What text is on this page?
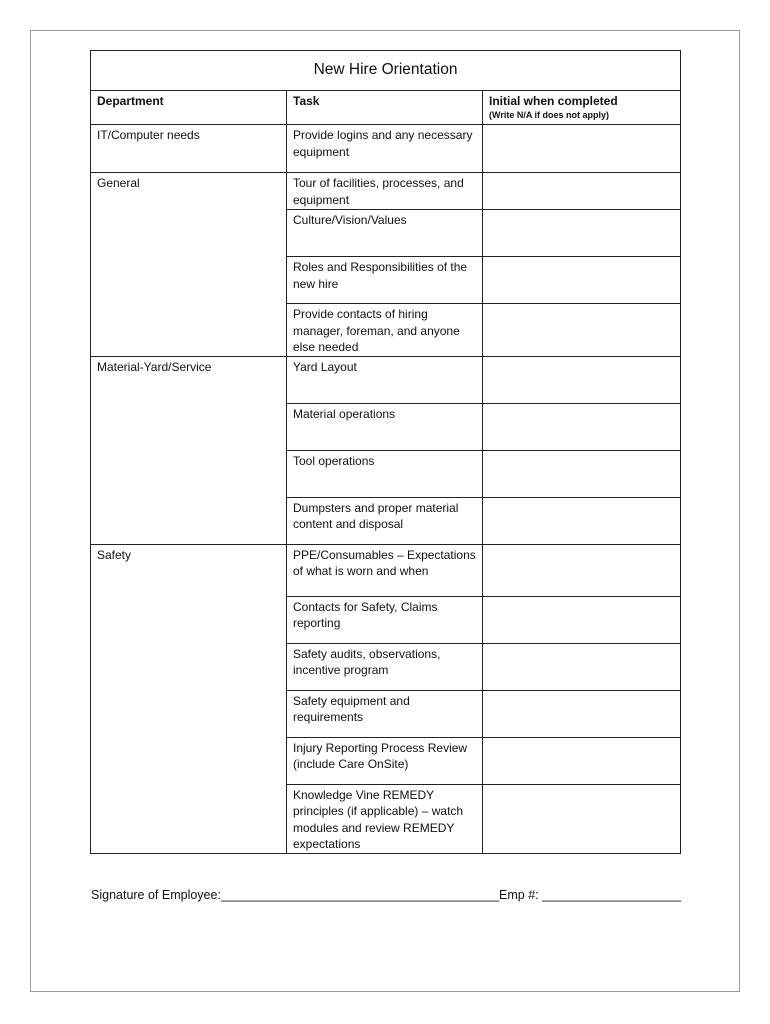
New Hire Orientation		
Department	Task	Initial when completed
(Write N/A if does not apply)

IT/Computer needs	Provide logins and any necessary equipment	
General	Tour of facilities, processes, and equipment	
	Culture/Vision/Values	
	Roles and Responsibilities of the new hire	
	Provide contacts of hiring manager, foreman, and anyone else needed	
Material-Yard/Service	Yard Layout	
	Material operations	
	Tool operations	
	Dumpsters and proper material content and disposal	
Safety	PPE/Consumables – Expectations of what is worn and when	
	Contacts for Safety, Claims reporting	
	Safety audits, observations, incentive program	
	Safety equipment and requirements	
	Injury Reporting Process Review (include Care OnSite)	
	Knowledge Vine REMEDY principles (if applicable) – watch modules and review REMEDY expectations	
Signature of Employee:________________________________________Emp #: ____________________
